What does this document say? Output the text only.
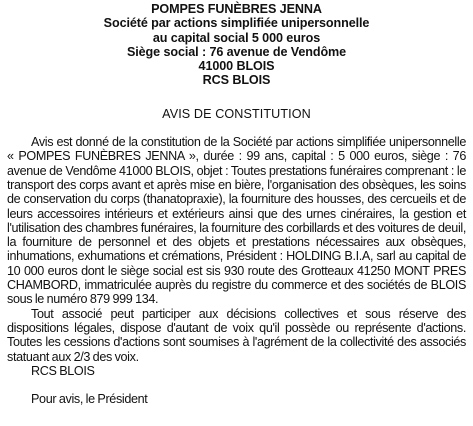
POMPES FUNÈBRES JENNA
Société par actions simplifiée unipersonnelle
au capital social 5 000 euros
Siège social : 76 avenue de Vendôme
41000 BLOIS
RCS BLOIS
AVIS DE CONSTITUTION

Avis est donné de la constitution de la Société par actions simplifiée unipersonnelle « POMPES FUNÈBRES JENNA », durée : 99 ans, capital : 5 000 euros, siège : 76 avenue de Vendôme 41000 BLOIS, objet : Toutes prestations funéraires comprenant : le transport des corps avant et après mise en bière, l'organisation des obsèques, les soins de conservation du corps (thanatopraxie), la fourniture des housses, des cercueils et de leurs accessoires intérieurs et extérieurs ainsi que des urnes cinéraires, la gestion et l'utilisation des chambres funéraires, la fourniture des corbillards et des voitures de deuil, la fourniture de personnel et des objets et prestations nécessaires aux obsèques, inhumations, exhumations et crémations, Président : HOLDING B.I.A, sarl au capital de 10 000 euros dont le siège social est sis 930 route des Grotteaux 41250 MONT PRES CHAMBORD, immatriculée auprès du registre du commerce et des sociétés de BLOIS sous le numéro 879 999 134.

Tout associé peut participer aux décisions collectives et sous réserve des dispositions légales, dispose d'autant de voix qu'il possède ou représente d'actions. Toutes les cessions d'actions sont soumises à l'agrément de la collectivité des associés statuant aux 2/3 des voix.

RCS BLOIS
Pour avis, le Président
